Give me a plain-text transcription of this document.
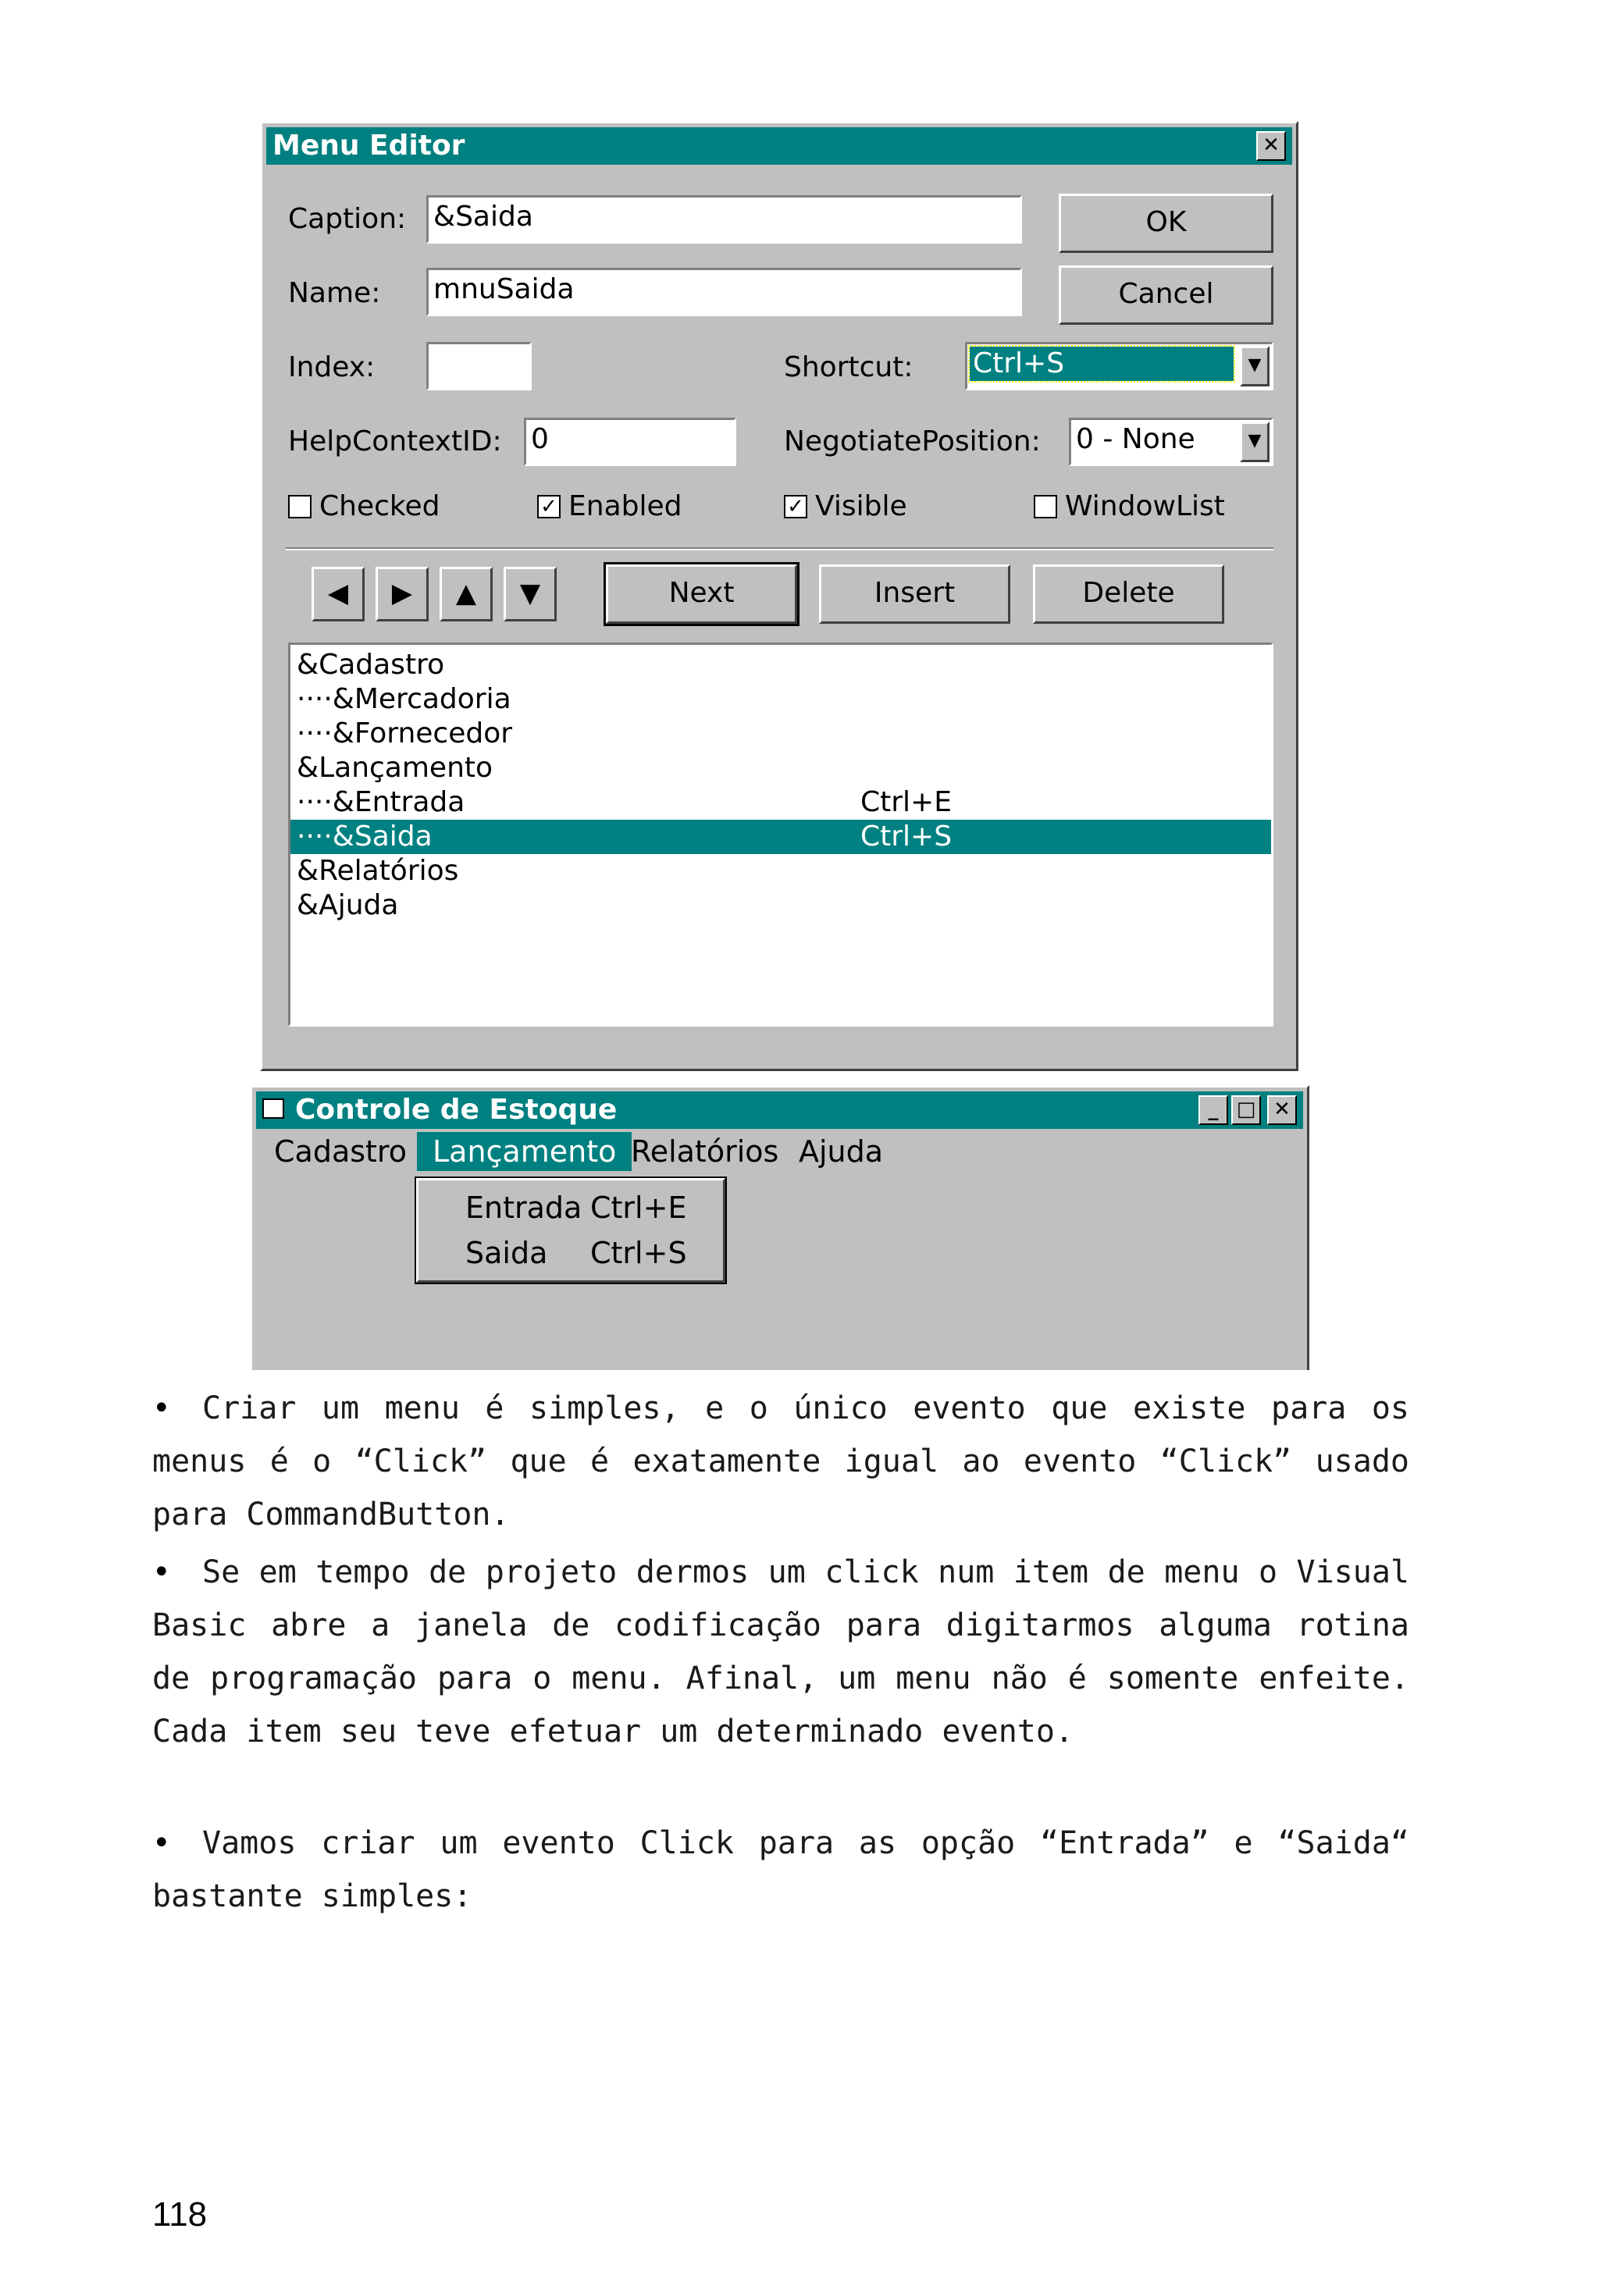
Menu Editor	✕
Caption: &Saida	OK
Name: mnuSaida	Cancel
Index:	Shortcut: Ctrl+S	▼
HelpContextID: 0	NegotiatePosition: 0 - None	▼
Checked	✓ Enabled	✓ Visible	WindowList
◀	▶	▲	▼	Next	Insert	Delete
&Cadastro
····&Mercadoria
····&Fornecedor
&Lançamento
····&Entrada	Ctrl+E
····&Saida	Ctrl+S
&Relatórios
&Ajuda
Controle de Estoque	_ □ ✕
Cadastro Lançamento Relatórios Ajuda
Entrada Ctrl+E
Saida Ctrl+S
•	Criar um menu é simples, e o único evento que existe para os menus é o “Click” que é exatamente igual ao evento “Click” usado para CommandButton.

•	Se em tempo de projeto dermos um click num item de menu o Visual Basic abre a janela de codificação para digitarmos alguma rotina de programação para o menu. Afinal, um menu não é somente enfeite. Cada item seu teve efetuar um determinado evento.

•	Vamos criar um evento Click para as opção “Entrada” e “Saida“ bastante simples:

118
